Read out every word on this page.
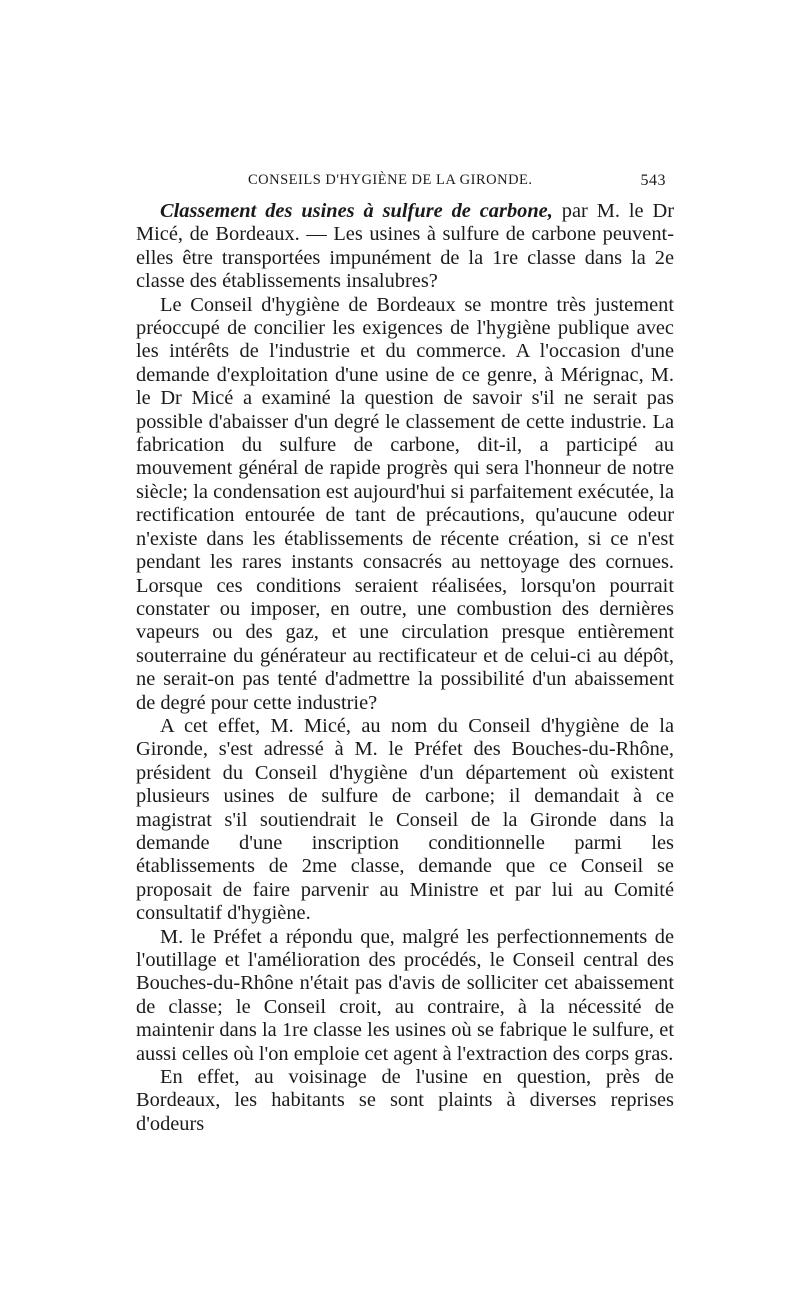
CONSEILS D'HYGIÈNE DE LA GIRONDE.	543

Classement des usines à sulfure de carbone, par M. le Dr Micé, de Bordeaux. — Les usines à sulfure de carbone peuvent-elles être transportées impunément de la 1re classe dans la 2e classe des établissements insalubres?

Le Conseil d'hygiène de Bordeaux se montre très justement préoccupé de concilier les exigences de l'hygiène publique avec les intérêts de l'industrie et du commerce. A l'occasion d'une demande d'exploitation d'une usine de ce genre, à Mérignac, M. le Dr Micé a examiné la question de savoir s'il ne serait pas possible d'abaisser d'un degré le classement de cette industrie. La fabrication du sulfure de carbone, dit-il, a participé au mouvement général de rapide progrès qui sera l'honneur de notre siècle; la condensation est aujourd'hui si parfaitement exécutée, la rectification entourée de tant de précautions, qu'aucune odeur n'existe dans les établissements de récente création, si ce n'est pendant les rares instants consacrés au nettoyage des cornues. Lorsque ces conditions seraient réalisées, lorsqu'on pourrait constater ou imposer, en outre, une combustion des dernières vapeurs ou des gaz, et une circulation presque entièrement souterraine du générateur au rectificateur et de celui-ci au dépôt, ne serait-on pas tenté d'admettre la possibilité d'un abaissement de degré pour cette industrie?

A cet effet, M. Micé, au nom du Conseil d'hygiène de la Gironde, s'est adressé à M. le Préfet des Bouches-du-Rhône, président du Conseil d'hygiène d'un département où existent plusieurs usines de sulfure de carbone; il demandait à ce magistrat s'il soutiendrait le Conseil de la Gironde dans la demande d'une inscription conditionnelle parmi les établissements de 2me classe, demande que ce Conseil se proposait de faire parvenir au Ministre et par lui au Comité consultatif d'hygiène.

M. le Préfet a répondu que, malgré les perfectionnements de l'outillage et l'amélioration des procédés, le Conseil central des Bouches-du-Rhône n'était pas d'avis de solliciter cet abaissement de classe; le Conseil croit, au contraire, à la nécessité de maintenir dans la 1re classe les usines où se fabrique le sulfure, et aussi celles où l'on emploie cet agent à l'extraction des corps gras.

En effet, au voisinage de l'usine en question, près de Bordeaux, les habitants se sont plaints à diverses reprises d'odeurs
